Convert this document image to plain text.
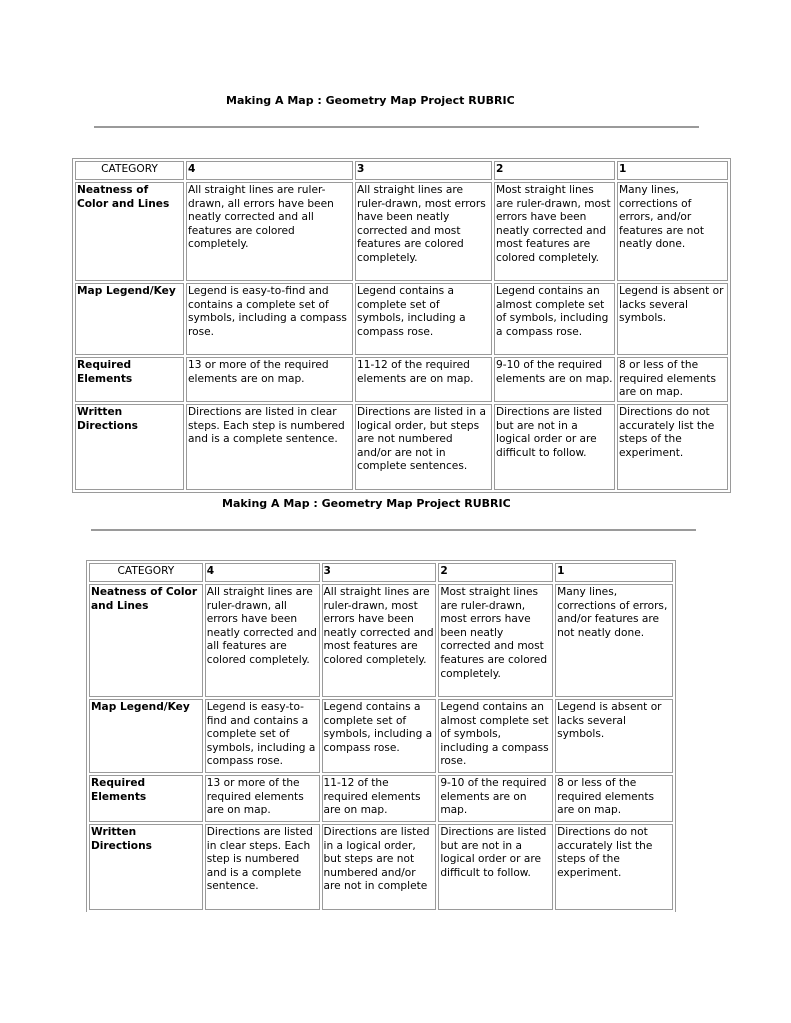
Making A Map : Geometry Map Project RUBRIC
CATEGORY	4	3	2	1
Neatness of Color and Lines	All straight lines are ruler-drawn, all errors have been neatly corrected and all features are colored completely.	All straight lines are ruler-drawn, most errors have been neatly corrected and most features are colored completely.	Most straight lines are ruler-drawn, most errors have been neatly corrected and most features are colored completely.	Many lines, corrections of errors, and/or features are not neatly done.
Map Legend/Key	Legend is easy-to-find and contains a complete set of symbols, including a compass rose.	Legend contains a complete set of symbols, including a compass rose.	Legend contains an almost complete set of symbols, including a compass rose.	Legend is absent or lacks several symbols.
Required Elements	13 or more of the required elements are on map.	11-12 of the required elements are on map.	9-10 of the required elements are on map.	8 or less of the required elements are on map.
Written Directions	Directions are listed in clear steps. Each step is numbered and is a complete sentence.	Directions are listed in a logical order, but steps are not numbered and/or are not in complete sentences.	Directions are listed but are not in a logical order or are difficult to follow.	Directions do not accurately list the steps of the experiment.
Making A Map : Geometry Map Project RUBRIC
CATEGORY	4	3	2	1
Neatness of Color and Lines	All straight lines are ruler-drawn, all errors have been neatly corrected and all features are colored completely.	All straight lines are ruler-drawn, most errors have been neatly corrected and most features are colored completely.	Most straight lines are ruler-drawn, most errors have been neatly corrected and most features are colored completely.	Many lines, corrections of errors, and/or features are not neatly done.
Map Legend/Key	Legend is easy-to-find and contains a complete set of symbols, including a compass rose.	Legend contains a complete set of symbols, including a compass rose.	Legend contains an almost complete set of symbols, including a compass rose.	Legend is absent or lacks several symbols.
Required Elements	13 or more of the required elements are on map.	11-12 of the required elements are on map.	9-10 of the required elements are on map.	8 or less of the required elements are on map.
Written Directions	Directions are listed in clear steps. Each step is numbered and is a complete sentence.	Directions are listed in a logical order, but steps are not numbered and/or are not in complete	Directions are listed but are not in a logical order or are difficult to follow.	Directions do not accurately list the steps of the experiment.
